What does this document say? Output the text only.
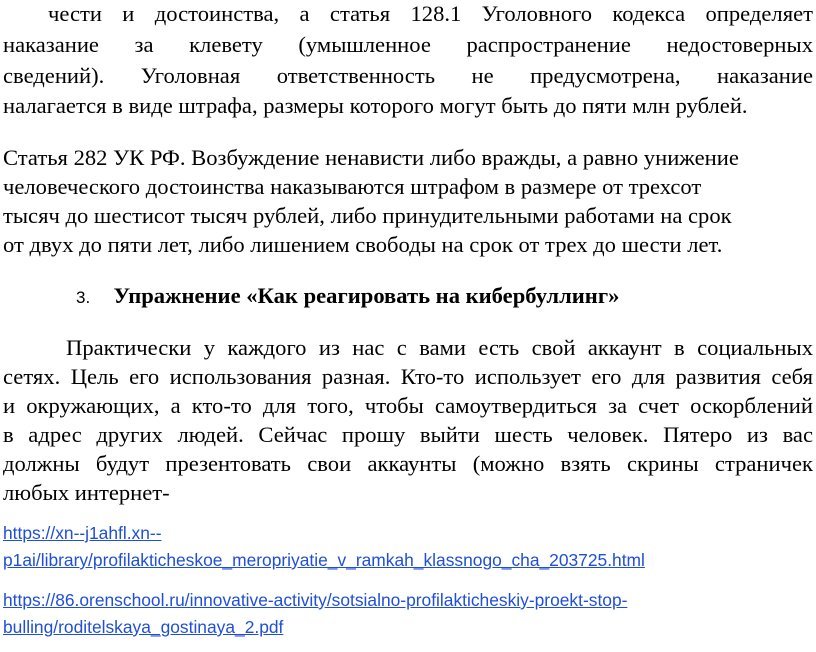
чести и достоинства, а статья 128.1 Уголовного кодекса определяет
наказание за клевету (умышленное распространение недостоверных
сведений). Уголовная ответственность не предусмотрена, наказание
налагается в виде штрафа, размеры которого могут быть до пяти млн рублей.
Статья 282 УК РФ. Возбуждение ненависти либо вражды, а равно унижение
человеческого достоинства наказываются штрафом в размере от трехсот
тысяч до шестисот тысяч рублей, либо принудительными работами на срок
от двух до пяти лет, либо лишением свободы на срок от трех до шести лет.
3. Упражнение «Как реагировать на кибербуллинг»
Практически у каждого из нас с вами есть свой аккаунт в социальных
сетях. Цель его использования разная. Кто-то использует его для развития себя
и окружающих, а кто-то для того, чтобы самоутвердиться за счет оскорблений
в адрес других людей. Сейчас прошу выйти шесть человек. Пятеро из вас
должны будут презентовать свои аккаунты (можно взять скрины страничек
любых интернет-
https://xn--j1ahfl.xn--
p1ai/library/profilakticheskoe_meropriyatie_v_ramkah_klassnogo_cha_203725.html
https://86.orenschool.ru/innovative-activity/sotsialno-profilakticheskiy-proekt-stop-
bulling/roditelskaya_gostinaya_2.pdf
